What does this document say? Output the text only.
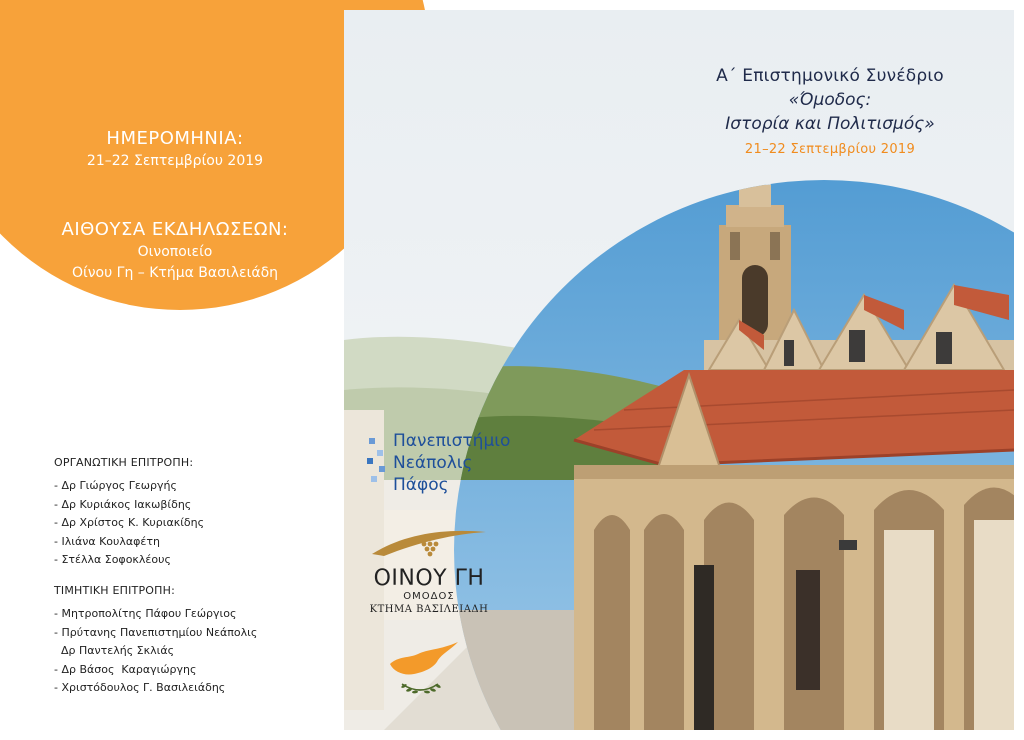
ΗΜΕΡΟΜΗΝΙΑ:
21–22 Σεπτεμβρίου 2019
ΑΙΘΟΥΣΑ ΕΚΔΗΛΩΣΕΩΝ:
Οινοποιείο
Οίνου Γη – Κτήμα Βασιλειάδη
ΟΡΓΑΝΩΤΙΚΗ ΕΠΙΤΡΟΠΗ:
- Δρ Γιώργος Γεωργής
- Δρ Κυριάκος Ιακωβίδης
- Δρ Χρίστος Κ. Κυριακίδης
- Ιλιάνα Κουλαφέτη
- Στέλλα Σοφοκλέους
ΤΙΜΗΤΙΚΗ ΕΠΙΤΡΟΠΗ:
- Μητροπολίτης Πάφου Γεώργιος
- Πρύτανης Πανεπιστημίου Νεάπολις
Δρ Παντελής Σκλιάς
- Δρ Βάσος  Καραγιώργης
- Χριστόδουλος Γ. Βασιλειάδης
Α΄ Επιστημονικό Συνέδριο
«Όμοδος:
Ιστορία και Πολιτισμός»
21–22 Σεπτεμβρίου 2019
Πανεπιστήμιο
Νεάπολις
Πάφος
ΟΙΝΟΥ ΓΗ
ΟΜΟΔΟΣ
ΚΤΗΜΑ ΒΑΣΙΛΕΙΑΔΗ
